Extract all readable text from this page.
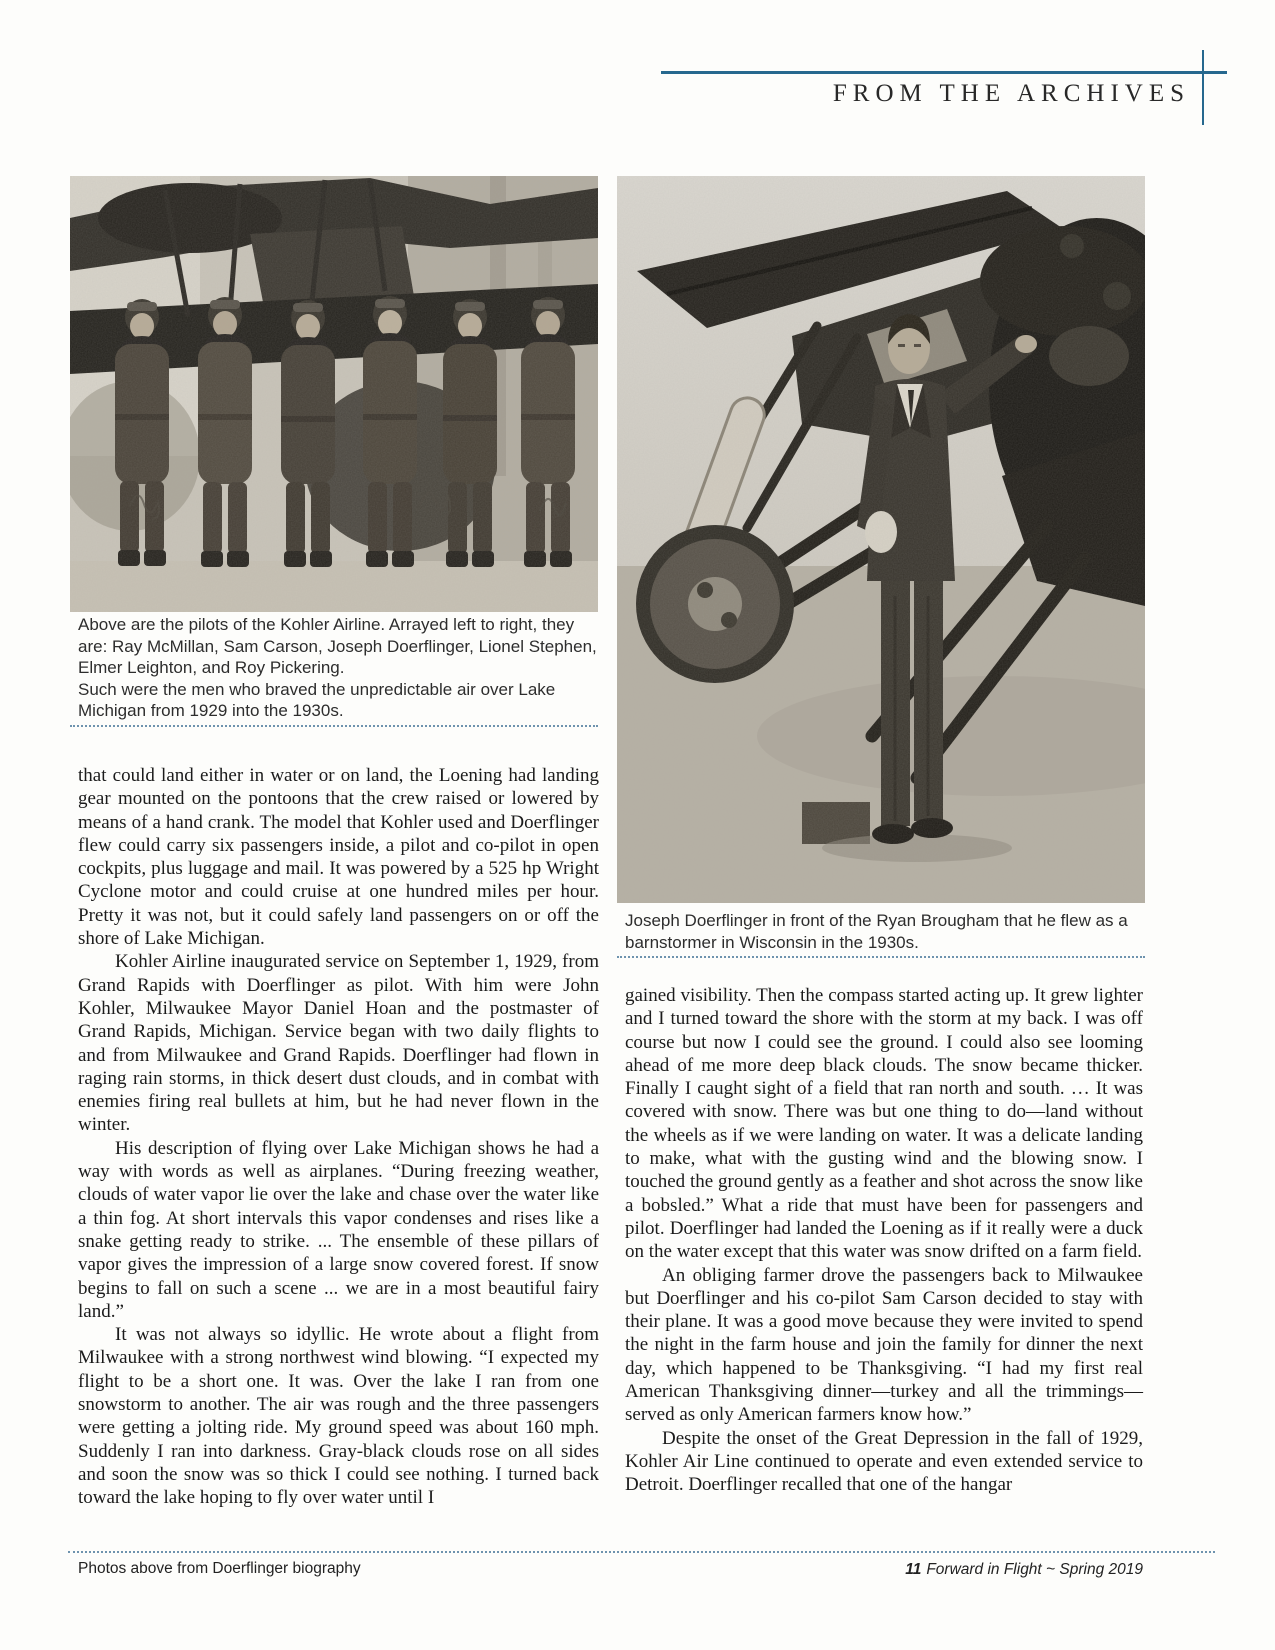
FROM THE ARCHIVES

Above are the pilots of the Kohler Airline. Arrayed left to right, they are: Ray McMillan, Sam Carson, Joseph Doerflinger, Lionel Stephen, Elmer Leighton, and Roy Pickering.

Such were the men who braved the unpredictable air over Lake Michigan from 1929 into the 1930s.

that could land either in water or on land, the Loening had landing gear mounted on the pontoons that the crew raised or lowered by means of a hand crank. The model that Kohler used and Doerflinger flew could carry six passengers inside, a pilot and co-pilot in open cockpits, plus luggage and mail. It was powered by a 525 hp Wright Cyclone motor and could cruise at one hundred miles per hour. Pretty it was not, but it could safely land passengers on or off the shore of Lake Michigan.

Kohler Airline inaugurated service on September 1, 1929, from Grand Rapids with Doerflinger as pilot. With him were John Kohler, Milwaukee Mayor Daniel Hoan and the postmaster of Grand Rapids, Michigan. Service began with two daily flights to and from Milwaukee and Grand Rapids. Doerflinger had flown in raging rain storms, in thick desert dust clouds, and in combat with enemies firing real bullets at him, but he had never flown in the winter.

His description of flying over Lake Michigan shows he had a way with words as well as airplanes. “During freezing weather, clouds of water vapor lie over the lake and chase over the water like a thin fog. At short intervals this vapor condenses and rises like a snake getting ready to strike. ... The ensemble of these pillars of vapor gives the impression of a large snow covered forest. If snow begins to fall on such a scene ... we are in a most beautiful fairy land.”

It was not always so idyllic. He wrote about a flight from Milwaukee with a strong northwest wind blowing. “I expected my flight to be a short one. It was. Over the lake I ran from one snowstorm to another. The air was rough and the three passengers were getting a jolting ride. My ground speed was about 160 mph. Suddenly I ran into darkness. Gray-black clouds rose on all sides and soon the snow was so thick I could see nothing. I turned back toward the lake hoping to fly over water until I

Joseph Doerflinger in front of the Ryan Brougham that he flew as a barnstormer in Wisconsin in the 1930s.

gained visibility. Then the compass started acting up. It grew lighter and I turned toward the shore with the storm at my back. I was off course but now I could see the ground. I could also see looming ahead of me more deep black clouds. The snow became thicker. Finally I caught sight of a field that ran north and south. … It was covered with snow. There was but one thing to do—land without the wheels as if we were landing on water. It was a delicate landing to make, what with the gusting wind and the blowing snow. I touched the ground gently as a feather and shot across the snow like a bobsled.” What a ride that must have been for passengers and pilot. Doerflinger had landed the Loening as if it really were a duck on the water except that this water was snow drifted on a farm field.

An obliging farmer drove the passengers back to Milwaukee but Doerflinger and his co-pilot Sam Carson decided to stay with their plane. It was a good move because they were invited to spend the night in the farm house and join the family for dinner the next day, which happened to be Thanksgiving. “I had my first real American Thanksgiving dinner—turkey and all the trimmings—served as only American farmers know how.”

Despite the onset of the Great Depression in the fall of 1929, Kohler Air Line continued to operate and even extended service to Detroit. Doerflinger recalled that one of the hangar

Photos above from Doerflinger biography	11 Forward in Flight ~ Spring 2019
